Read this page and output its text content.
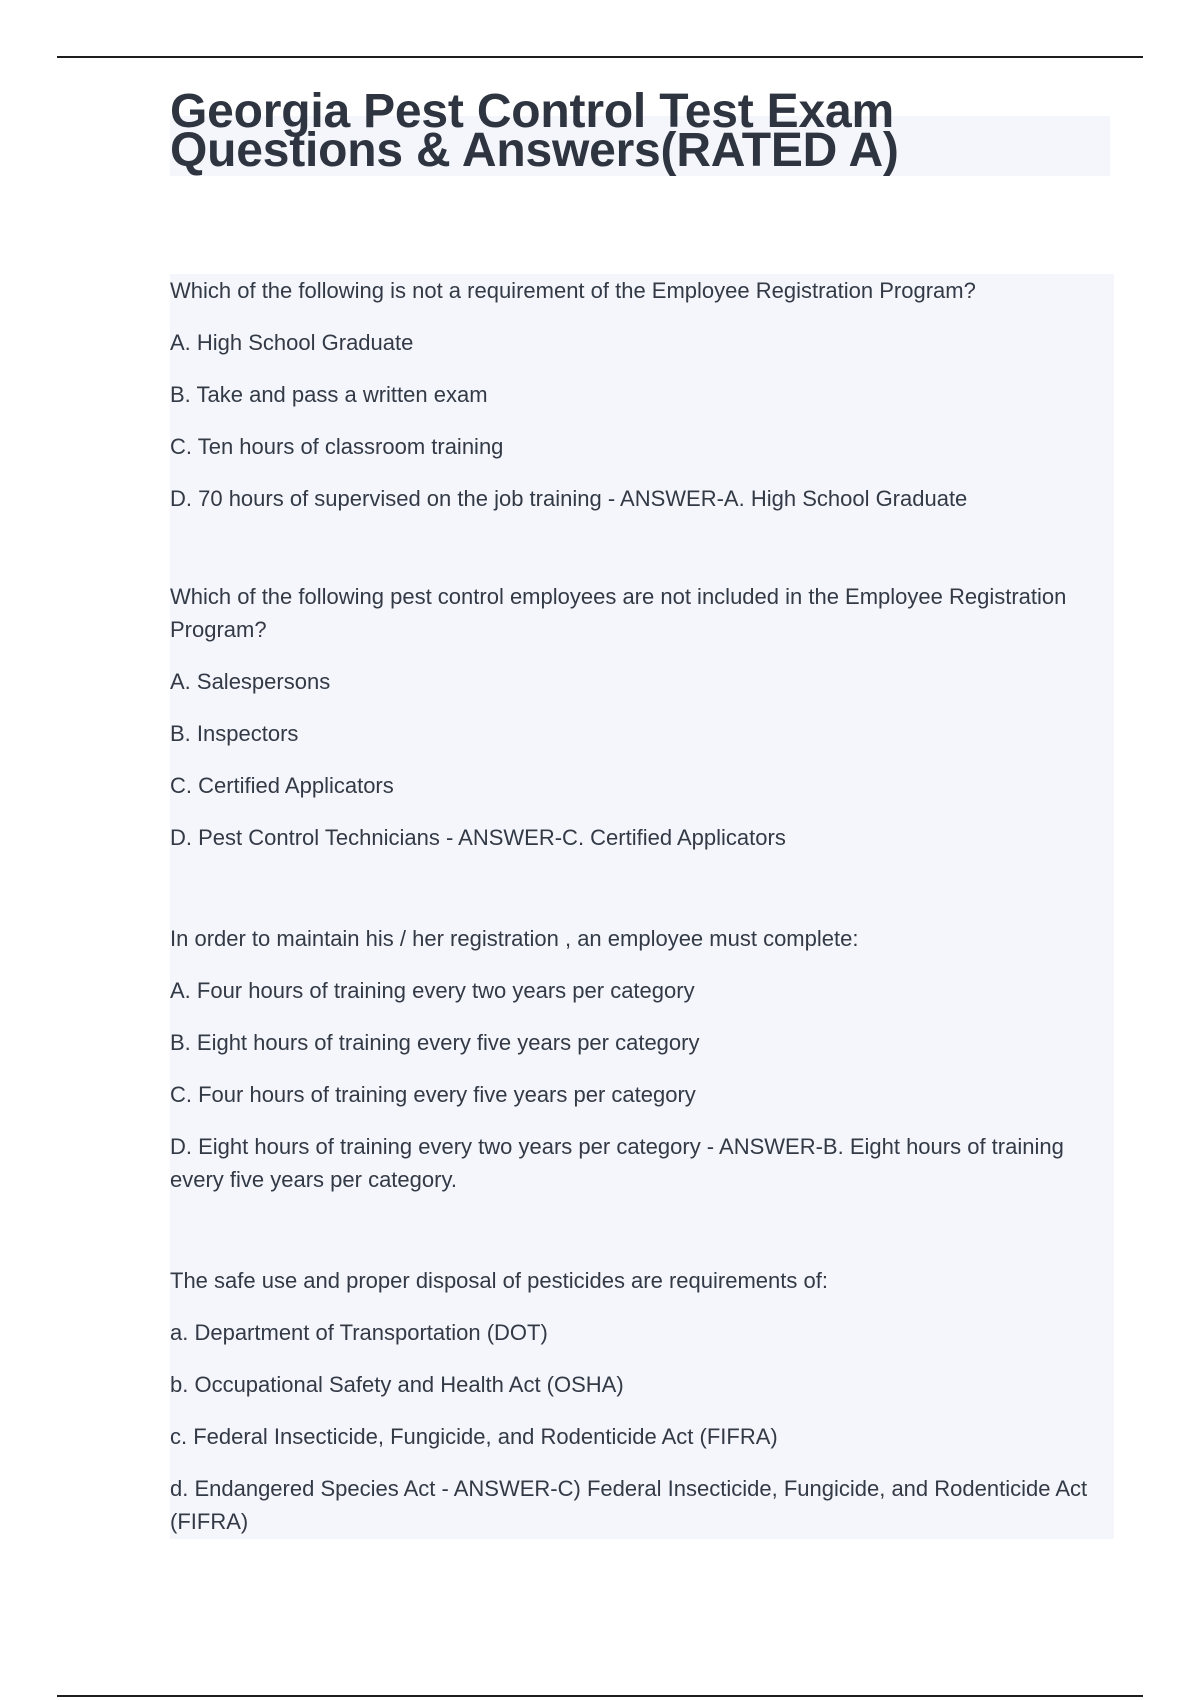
Georgia Pest Control Test Exam
Questions & Answers(RATED A)

Which of the following is not a requirement of the Employee Registration Program?

A. High School Graduate

B. Take and pass a written exam

C. Ten hours of classroom training

D. 70 hours of supervised on the job training - ANSWER-A. High School Graduate

Which of the following pest control employees are not included in the Employee Registration Program?

A. Salespersons

B. Inspectors

C. Certified Applicators

D. Pest Control Technicians - ANSWER-C. Certified Applicators

In order to maintain his / her registration , an employee must complete:

A. Four hours of training every two years per category

B. Eight hours of training every five years per category

C. Four hours of training every five years per category

D. Eight hours of training every two years per category - ANSWER-B. Eight hours of training every five years per category.

The safe use and proper disposal of pesticides are requirements of:

a. Department of Transportation (DOT)

b. Occupational Safety and Health Act (OSHA)

c. Federal Insecticide, Fungicide, and Rodenticide Act (FIFRA)

d. Endangered Species Act - ANSWER-C) Federal Insecticide, Fungicide, and Rodenticide Act (FIFRA)
